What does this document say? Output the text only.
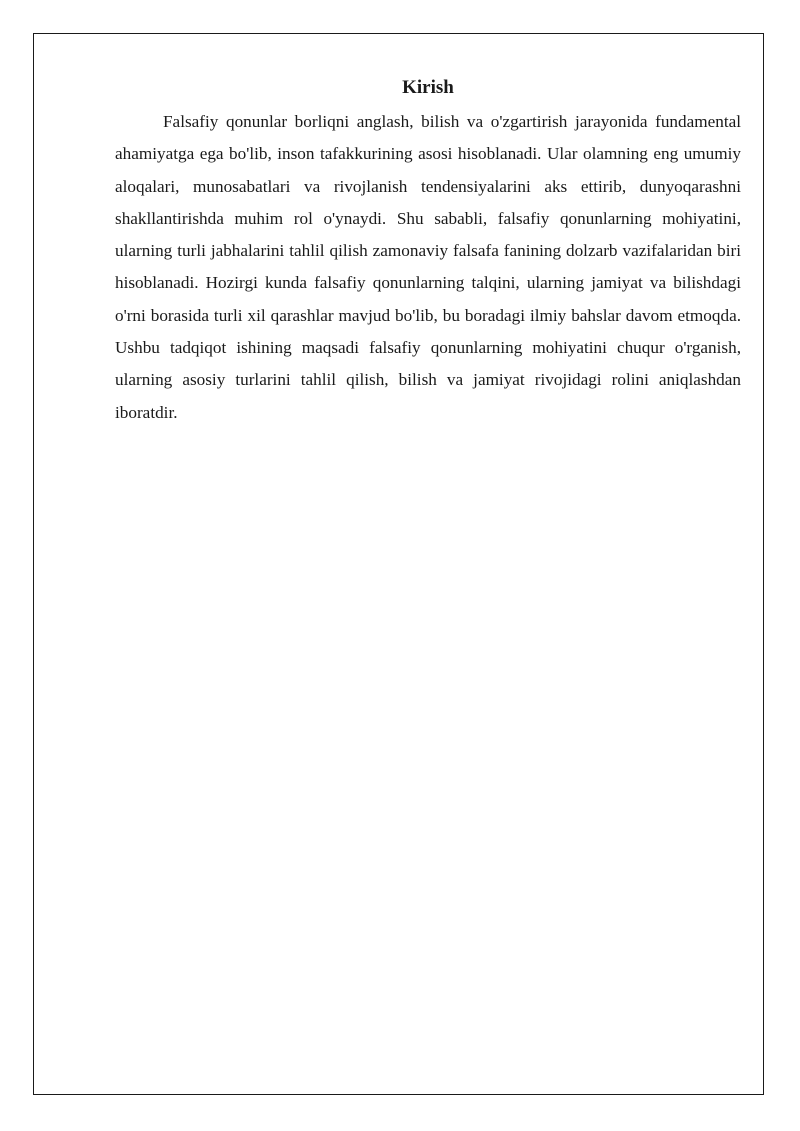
Kirish

Falsafiy qonunlar borliqni anglash, bilish va o'zgartirish jarayonida fundamental ahamiyatga ega bo'lib, inson tafakkurining asosi hisoblanadi. Ular olamning eng umumiy aloqalari, munosabatlari va rivojlanish tendensiyalarini aks ettirib, dunyoqarashni shakllantirishda muhim rol o'ynaydi. Shu sababli, falsafiy qonunlarning mohiyatini, ularning turli jabhalarini tahlil qilish zamonaviy falsafa fanining dolzarb vazifalaridan biri hisoblanadi. Hozirgi kunda falsafiy qonunlarning talqini, ularning jamiyat va bilishdagi o'rni borasida turli xil qarashlar mavjud bo'lib, bu boradagi ilmiy bahslar davom etmoqda. Ushbu tadqiqot ishining maqsadi falsafiy qonunlarning mohiyatini chuqur o'rganish, ularning asosiy turlarini tahlil qilish, bilish va jamiyat rivojidagi rolini aniqlashdan iboratdir.
